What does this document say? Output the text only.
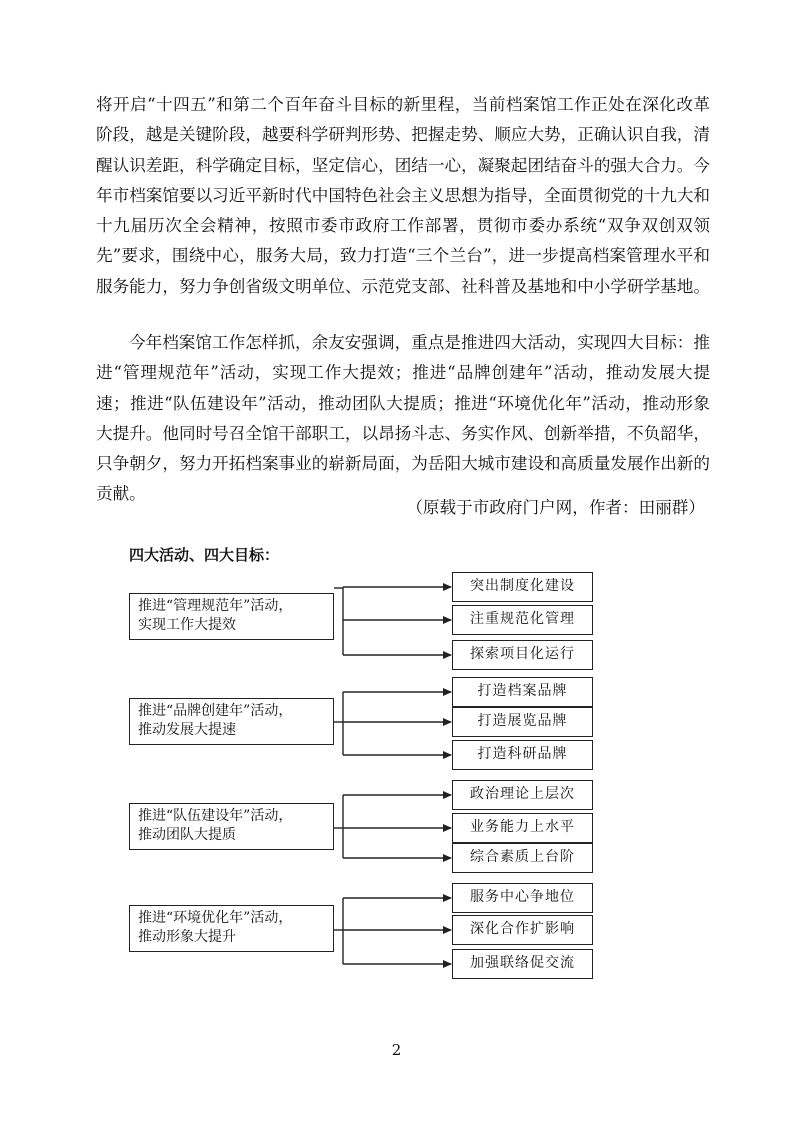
将开启“十四五”和第二个百年奋斗目标的新里程，当前档案馆工作正处在深化改革阶段，越是关键阶段，越要科学研判形势、把握走势、顺应大势，正确认识自我，清醒认识差距，科学确定目标，坚定信心，团结一心，凝聚起团结奋斗的强大合力。今年市档案馆要以习近平新时代中国特色社会主义思想为指导，全面贯彻党的十九大和十九届历次全会精神，按照市委市政府工作部署，贯彻市委办系统“双争双创双领先”要求，围绕中心，服务大局，致力打造“三个兰台”，进一步提高档案管理水平和服务能力，努力争创省级文明单位、示范党支部、社科普及基地和中小学研学基地。

今年档案馆工作怎样抓，余友安强调，重点是推进四大活动，实现四大目标：推进“管理规范年”活动，实现工作大提效；推进“品牌创建年”活动，推动发展大提速；推进“队伍建设年”活动，推动团队大提质；推进“环境优化年”活动，推动形象大提升。他同时号召全馆干部职工，以昂扬斗志、务实作风、创新举措，不负韶华，只争朝夕，努力开拓档案事业的崭新局面，为岳阳大城市建设和高质量发展作出新的贡献。

（原载于市政府门户网，作者：田丽群）

四大活动、四大目标：

推进“管理规范年”活动，
实现工作大提效
突出制度化建设
注重规范化管理
探索项目化运行
推进“品牌创建年”活动，
推动发展大提速
打造档案品牌
打造展览品牌
打造科研品牌
推进“队伍建设年”活动，
推动团队大提质
政治理论上层次
业务能力上水平
综合素质上台阶
推进“环境优化年”活动，
推动形象大提升
服务中心争地位
深化合作扩影响
加强联络促交流

2
